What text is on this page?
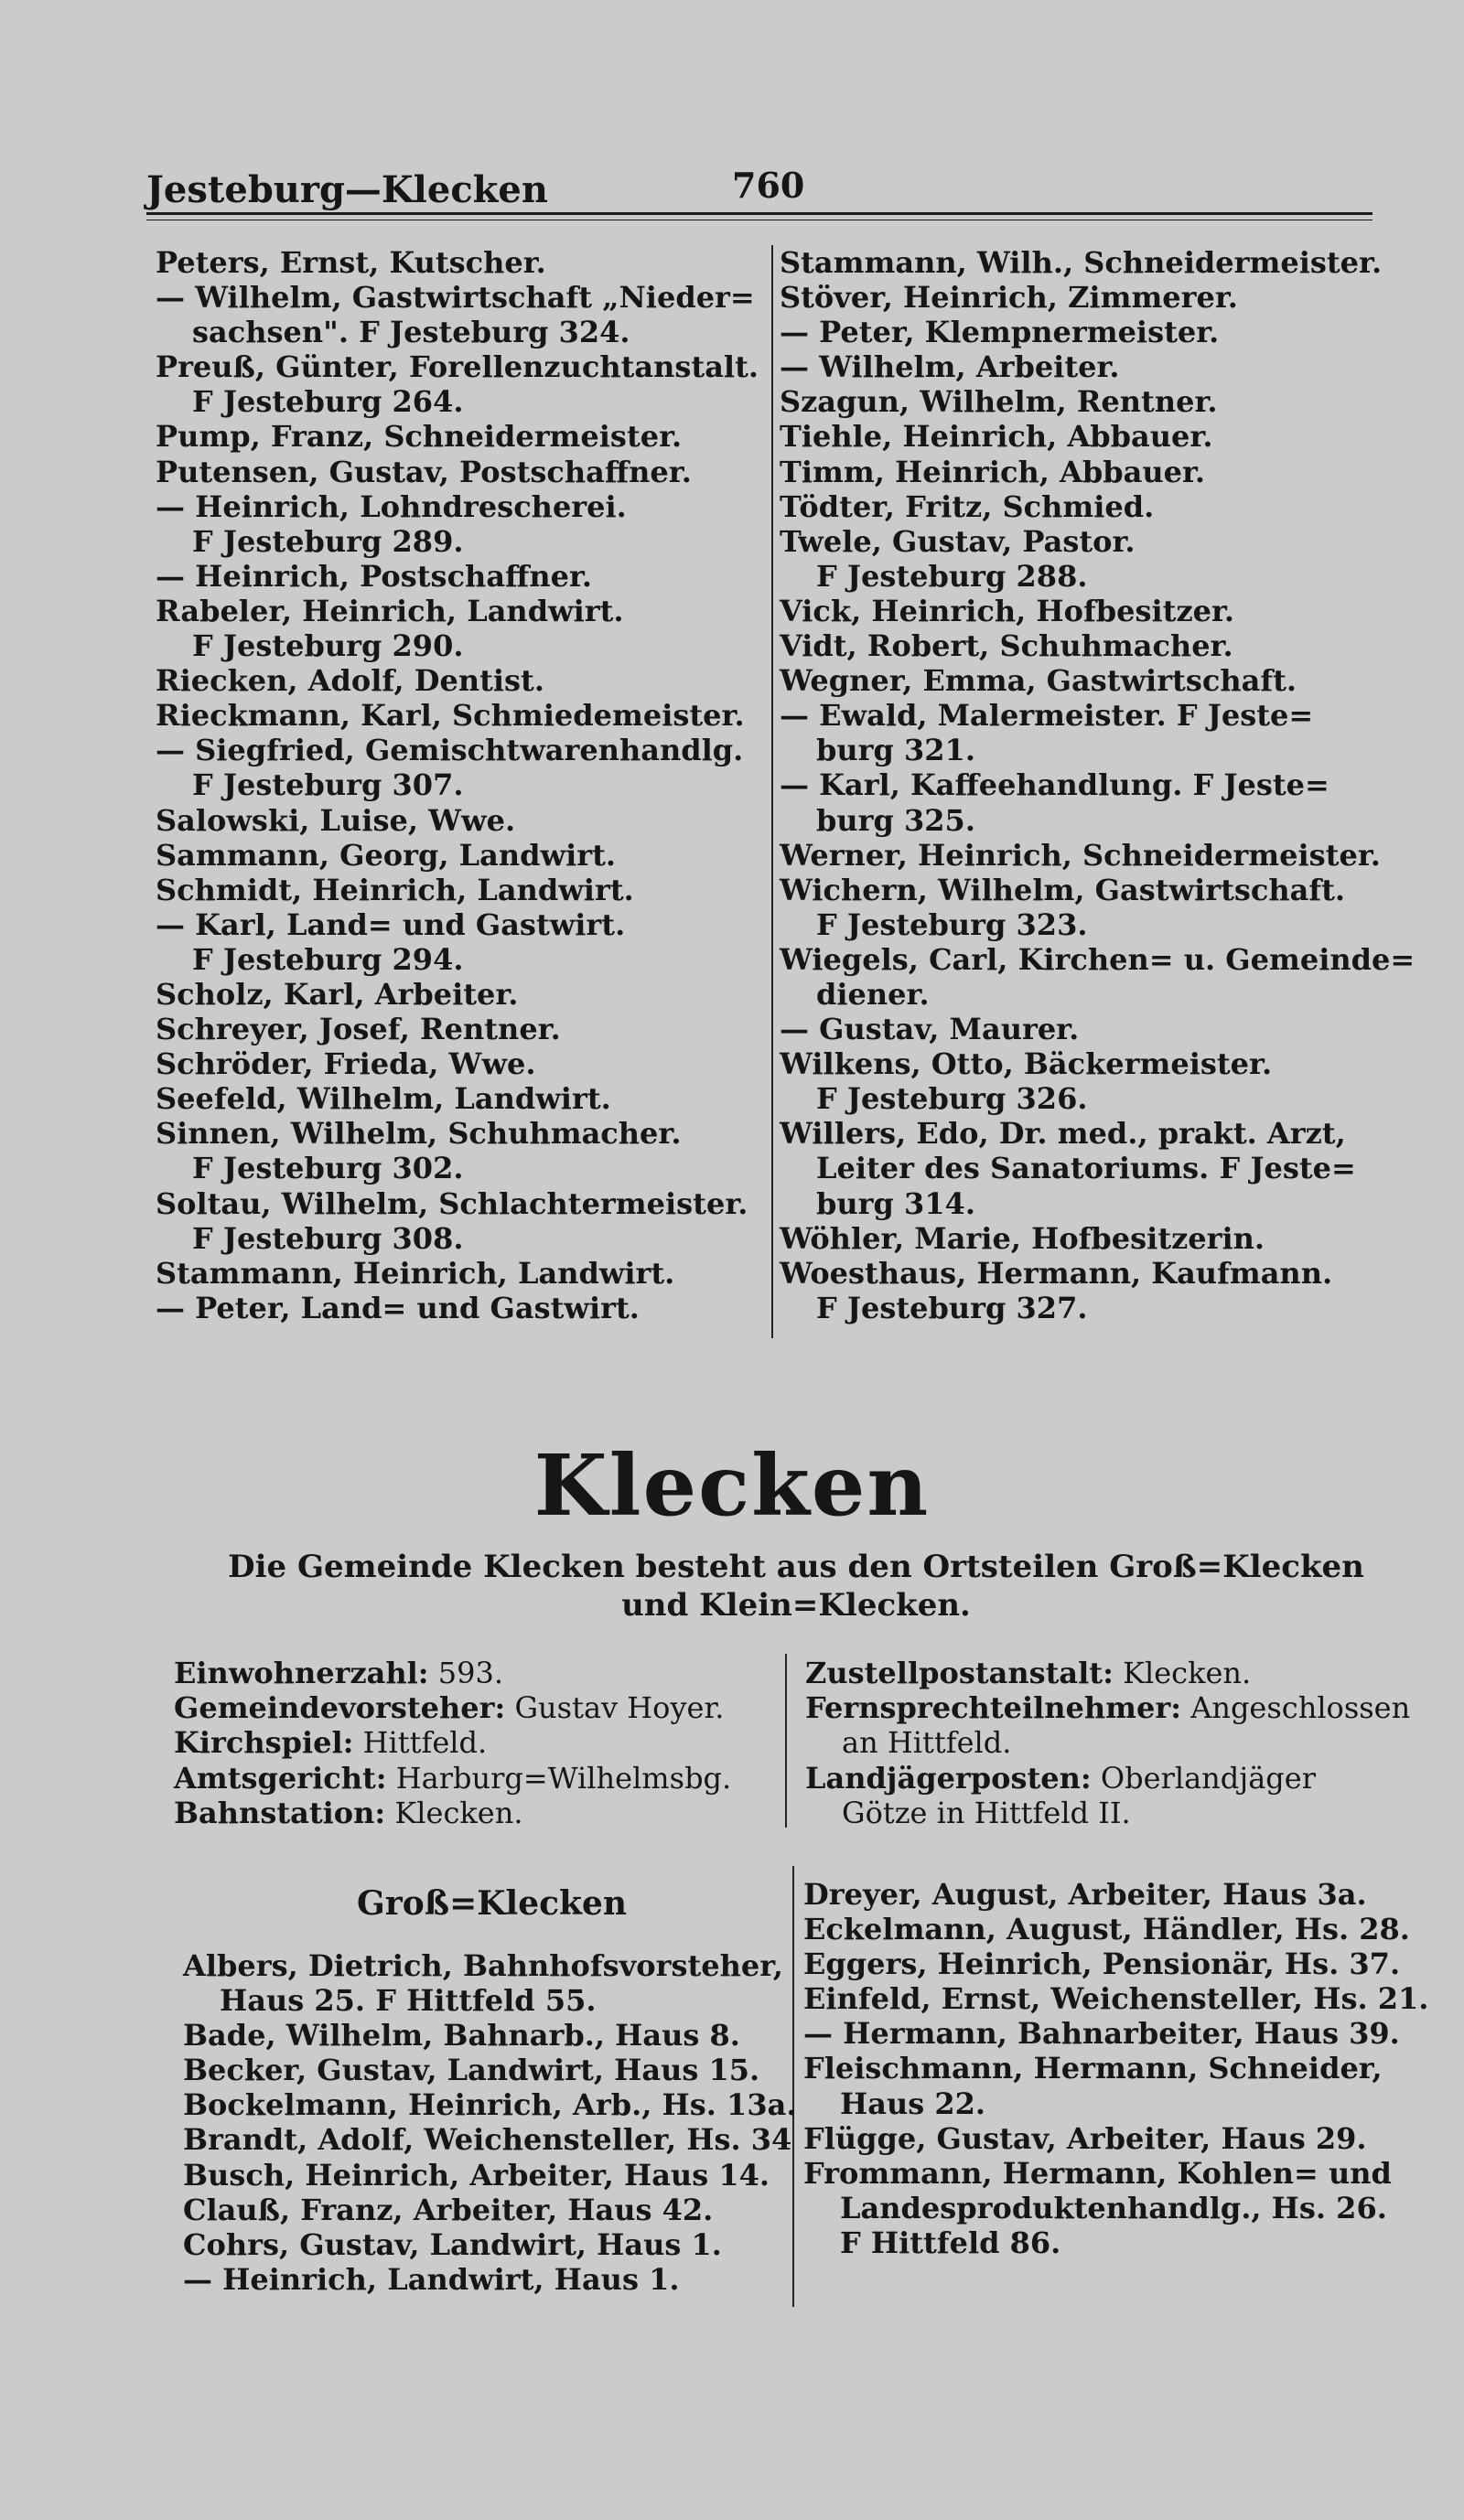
Jesteburg—Klecken	760
Peters, Ernst, Kutscher.
— Wilhelm, Gastwirtschaft „Nieder=
sachsen". F Jesteburg 324.
Preuß, Günter, Forellenzuchtanstalt.
F Jesteburg 264.
Pump, Franz, Schneidermeister.
Putensen, Gustav, Postschaffner.
— Heinrich, Lohndrescherei.
F Jesteburg 289.
— Heinrich, Postschaffner.
Rabeler, Heinrich, Landwirt.
F Jesteburg 290.
Riecken, Adolf, Dentist.
Rieckmann, Karl, Schmiedemeister.
— Siegfried, Gemischtwarenhandlg.
F Jesteburg 307.
Salowski, Luise, Wwe.
Sammann, Georg, Landwirt.
Schmidt, Heinrich, Landwirt.
— Karl, Land= und Gastwirt.
F Jesteburg 294.
Scholz, Karl, Arbeiter.
Schreyer, Josef, Rentner.
Schröder, Frieda, Wwe.
Seefeld, Wilhelm, Landwirt.
Sinnen, Wilhelm, Schuhmacher.
F Jesteburg 302.
Soltau, Wilhelm, Schlachtermeister.
F Jesteburg 308.
Stammann, Heinrich, Landwirt.
— Peter, Land= und Gastwirt.
Stammann, Wilh., Schneidermeister.
Stöver, Heinrich, Zimmerer.
— Peter, Klempnermeister.
— Wilhelm, Arbeiter.
Szagun, Wilhelm, Rentner.
Tiehle, Heinrich, Abbauer.
Timm, Heinrich, Abbauer.
Tödter, Fritz, Schmied.
Twele, Gustav, Pastor.
F Jesteburg 288.
Vick, Heinrich, Hofbesitzer.
Vidt, Robert, Schuhmacher.
Wegner, Emma, Gastwirtschaft.
— Ewald, Malermeister. F Jeste=
burg 321.
— Karl, Kaffeehandlung. F Jeste=
burg 325.
Werner, Heinrich, Schneidermeister.
Wichern, Wilhelm, Gastwirtschaft.
F Jesteburg 323.
Wiegels, Carl, Kirchen= u. Gemeinde=
diener.
— Gustav, Maurer.
Wilkens, Otto, Bäckermeister.
F Jesteburg 326.
Willers, Edo, Dr. med., prakt. Arzt,
Leiter des Sanatoriums. F Jeste=
burg 314.
Wöhler, Marie, Hofbesitzerin.
Woesthaus, Hermann, Kaufmann.
F Jesteburg 327.
Klecken
Die Gemeinde Klecken besteht aus den Ortsteilen Groß=Klecken und Klein=Klecken.
Einwohnerzahl: 593.
Gemeindevorsteher: Gustav Hoyer.
Kirchspiel: Hittfeld.
Amtsgericht: Harburg=Wilhelmsbg.
Bahnstation: Klecken.
Zustellpostanstalt: Klecken.
Fernsprechteilnehmer: Angeschlossen
an Hittfeld.
Landjägerposten: Oberlandjäger
Götze in Hittfeld II.
Groß=Klecken
Albers, Dietrich, Bahnhofsvorsteher,
Haus 25. F Hittfeld 55.
Bade, Wilhelm, Bahnarb., Haus 8.
Becker, Gustav, Landwirt, Haus 15.
Bockelmann, Heinrich, Arb., Hs. 13a.
Brandt, Adolf, Weichensteller, Hs. 34
Busch, Heinrich, Arbeiter, Haus 14.
Clauß, Franz, Arbeiter, Haus 42.
Cohrs, Gustav, Landwirt, Haus 1.
— Heinrich, Landwirt, Haus 1.
Dreyer, August, Arbeiter, Haus 3a.
Eckelmann, August, Händler, Hs. 28.
Eggers, Heinrich, Pensionär, Hs. 37.
Einfeld, Ernst, Weichensteller, Hs. 21.
— Hermann, Bahnarbeiter, Haus 39.
Fleischmann, Hermann, Schneider,
Haus 22.
Flügge, Gustav, Arbeiter, Haus 29.
Frommann, Hermann, Kohlen= und
Landesproduktenhandlg., Hs. 26.
F Hittfeld 86.
